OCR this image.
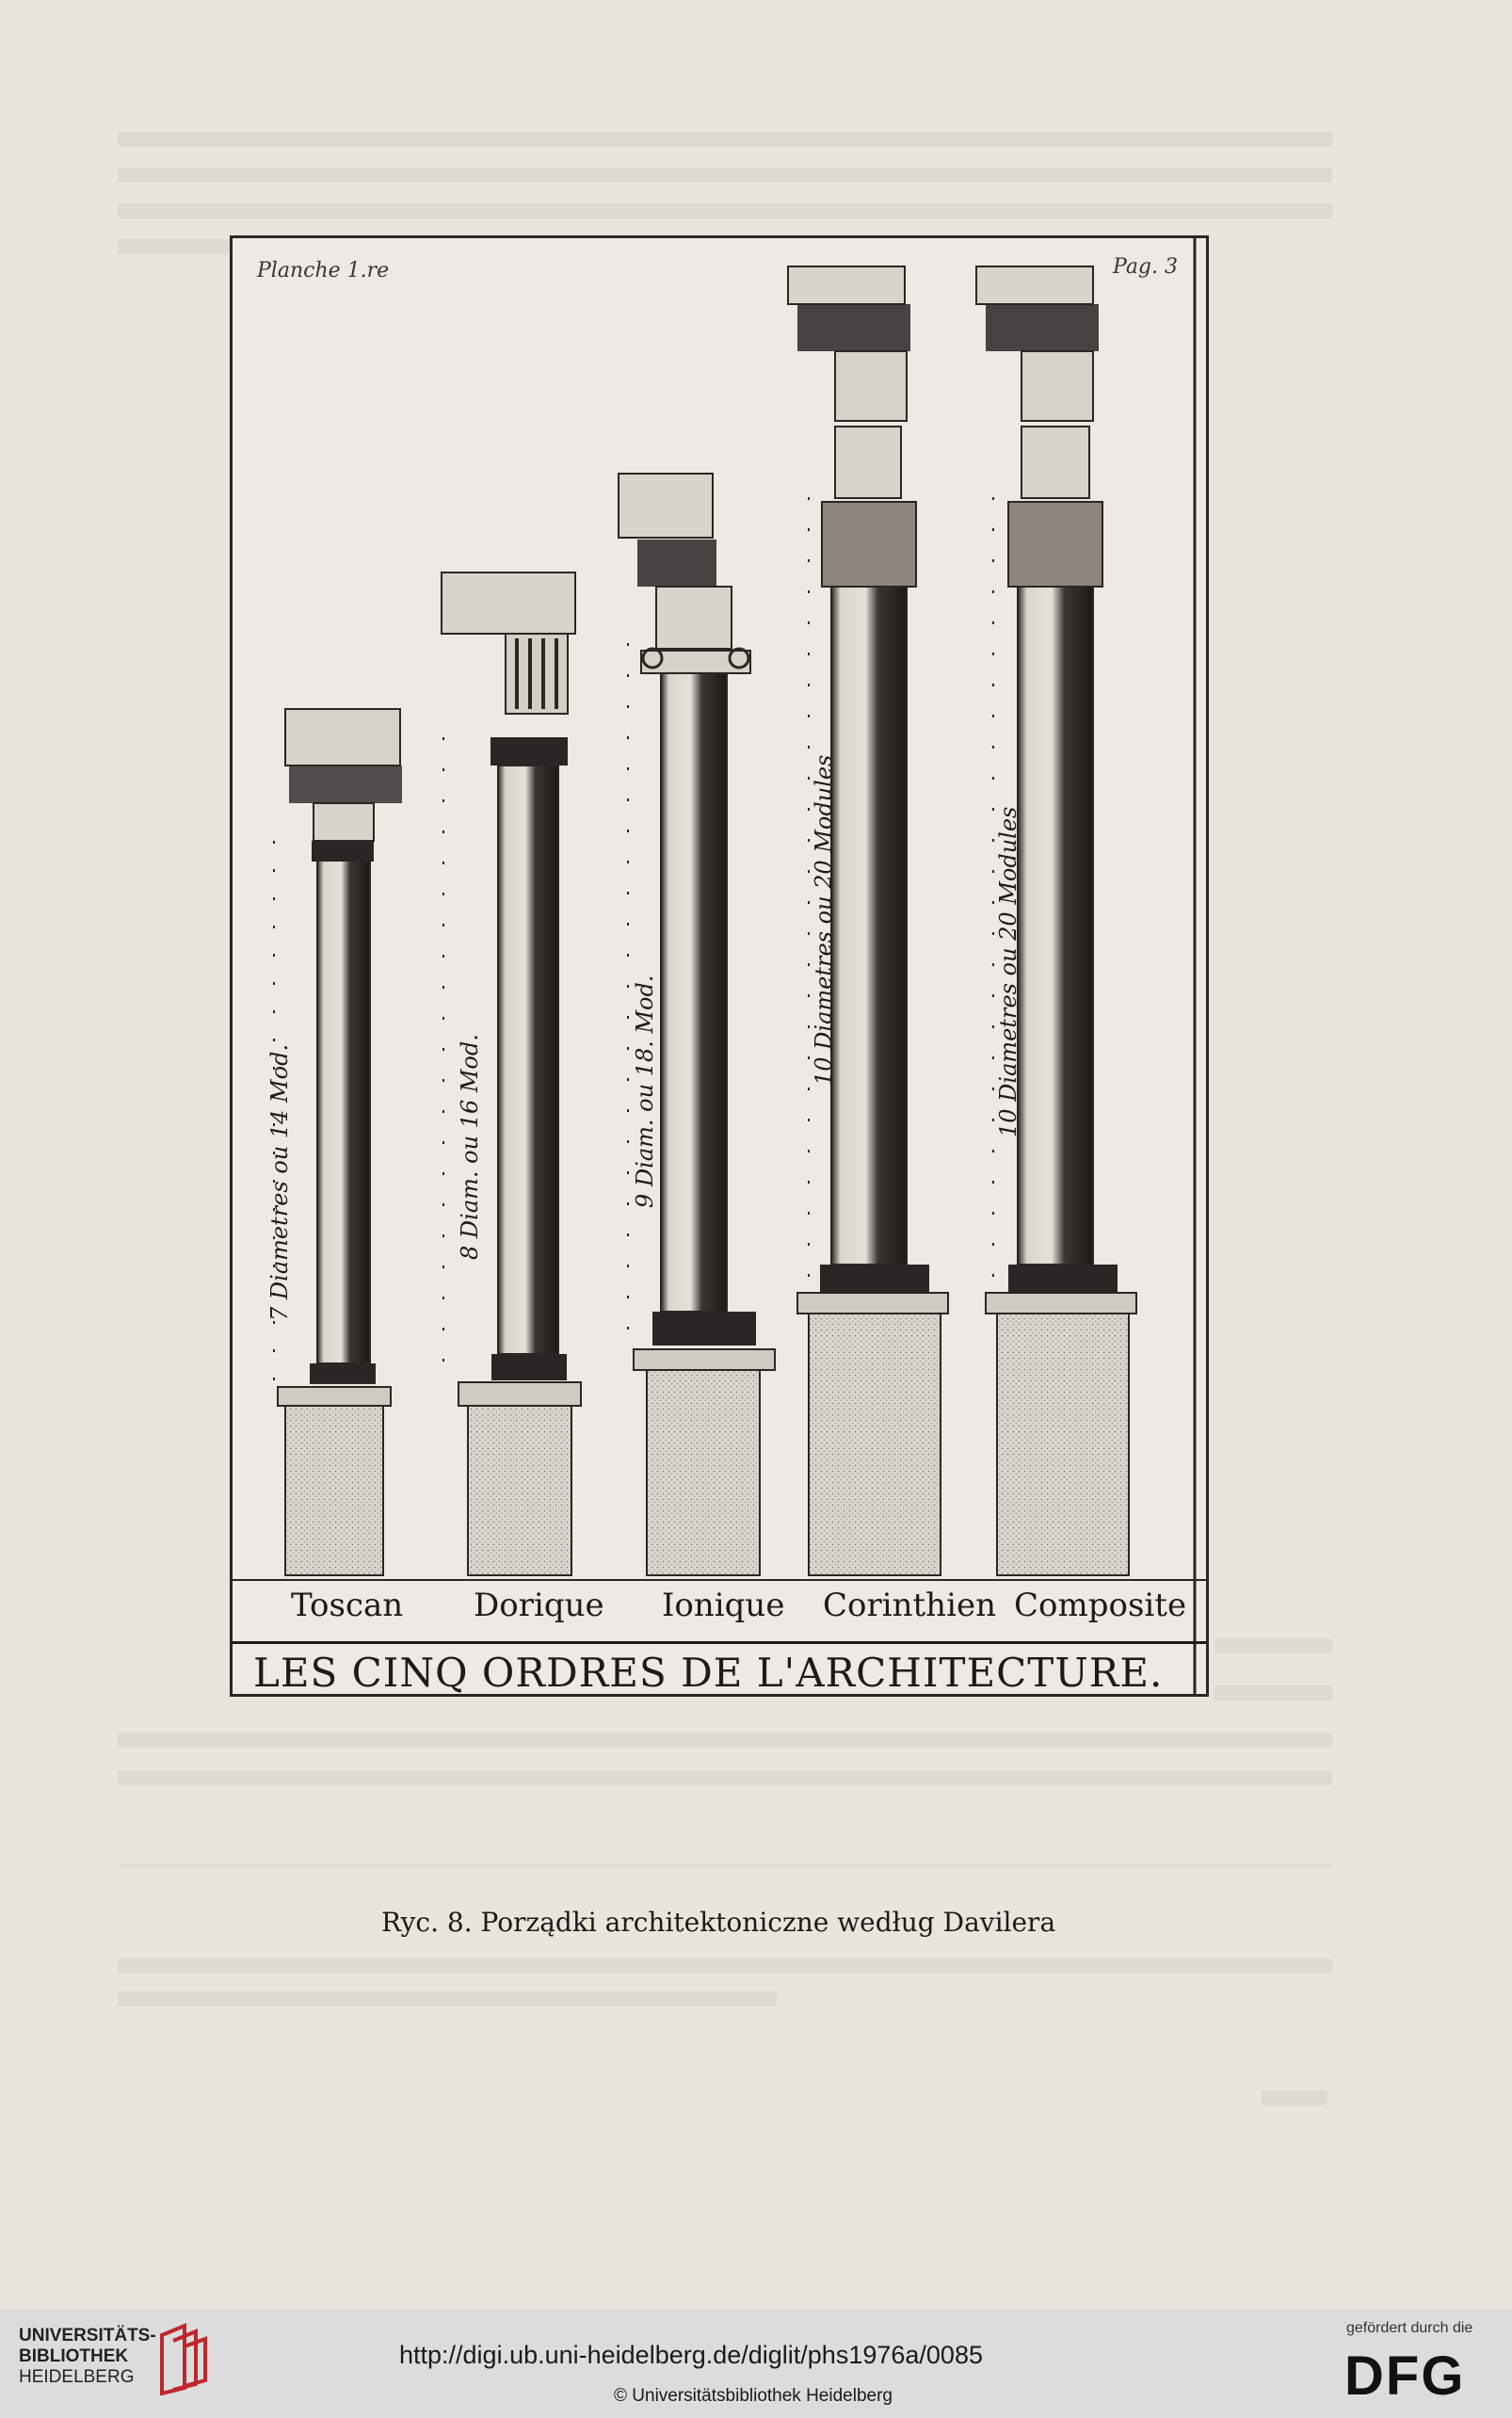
Planche 1.re	Pag. 3
7 Diametres ou 14 Mod.	8 Diam. ou 16 Mod.	9 Diam. ou 18. Mod.
10 Diametres ou 20 Modules	10 Diametres ou 20 Modules
Toscan Dorique Ionique Corinthien Composite
LES CINQ ORDRES DE L'ARCHITECTURE.
Ryc. 8. Porządki architektoniczne według Davilera
UNIVERSITÄTS-
BIBLIOTHEK
HEIDELBERG
http://digi.ub.uni-heidelberg.de/diglit/phs1976a/0085
© Universitätsbibliothek Heidelberg
gefördert durch die
DFG
